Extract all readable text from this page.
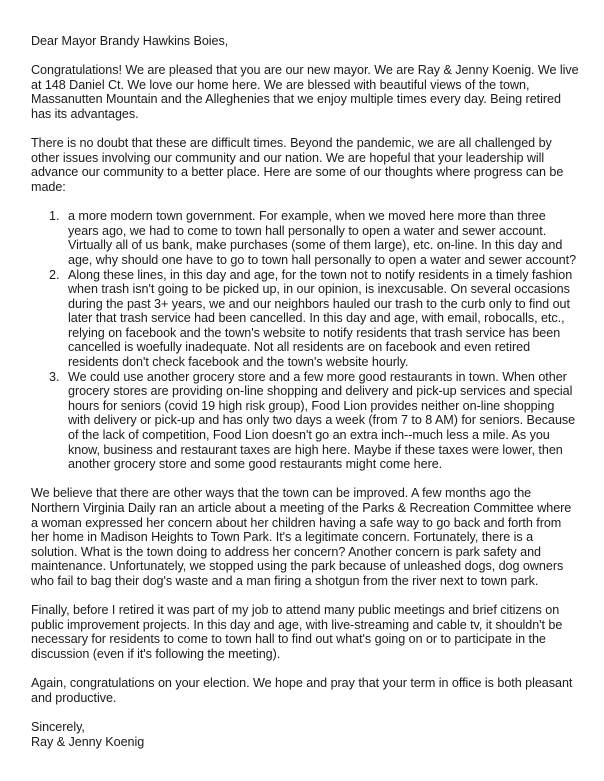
Dear Mayor Brandy Hawkins Boies,

Congratulations! We are pleased that you are our new mayor. We are Ray & Jenny Koenig. We live at 148 Daniel Ct. We love our home here. We are blessed with beautiful views of the town, Massanutten Mountain and the Alleghenies that we enjoy multiple times every day. Being retired has its advantages.

There is no doubt that these are difficult times. Beyond the pandemic, we are all challenged by other issues involving our community and our nation. We are hopeful that your leadership will advance our community to a better place. Here are some of our thoughts where progress can be made:

1. a more modern town government. For example, when we moved here more than three years ago, we had to come to town hall personally to open a water and sewer account. Virtually all of us bank, make purchases (some of them large), etc. on-line. In this day and age, why should one have to go to town hall personally to open a water and sewer account?
2. Along these lines, in this day and age, for the town not to notify residents in a timely fashion when trash isn't going to be picked up, in our opinion, is inexcusable. On several occasions during the past 3+ years, we and our neighbors hauled our trash to the curb only to find out later that trash service had been cancelled. In this day and age, with email, robocalls, etc., relying on facebook and the town's website to notify residents that trash service has been cancelled is woefully inadequate. Not all residents are on facebook and even retired residents don't check facebook and the town's website hourly.
3. We could use another grocery store and a few more good restaurants in town. When other grocery stores are providing on-line shopping and delivery and pick-up services and special hours for seniors (covid 19 high risk group), Food Lion provides neither on-line shopping with delivery or pick-up and has only two days a week (from 7 to 8 AM) for seniors. Because of the lack of competition, Food Lion doesn't go an extra inch--much less a mile. As you know, business and restaurant taxes are high here. Maybe if these taxes were lower, then another grocery store and some good restaurants might come here.

We believe that there are other ways that the town can be improved. A few months ago the Northern Virginia Daily ran an article about a meeting of the Parks & Recreation Committee where a woman expressed her concern about her children having a safe way to go back and forth from her home in Madison Heights to Town Park. It's a legitimate concern. Fortunately, there is a solution. What is the town doing to address her concern? Another concern is park safety and maintenance. Unfortunately, we stopped using the park because of unleashed dogs, dog owners who fail to bag their dog's waste and a man firing a shotgun from the river next to town park.

Finally, before I retired it was part of my job to attend many public meetings and brief citizens on public improvement projects. In this day and age, with live-streaming and cable tv, it shouldn't be necessary for residents to come to town hall to find out what's going on or to participate in the discussion (even if it's following the meeting).

Again, congratulations on your election. We hope and pray that your term in office is both pleasant and productive.

Sincerely,

Ray & Jenny Koenig
